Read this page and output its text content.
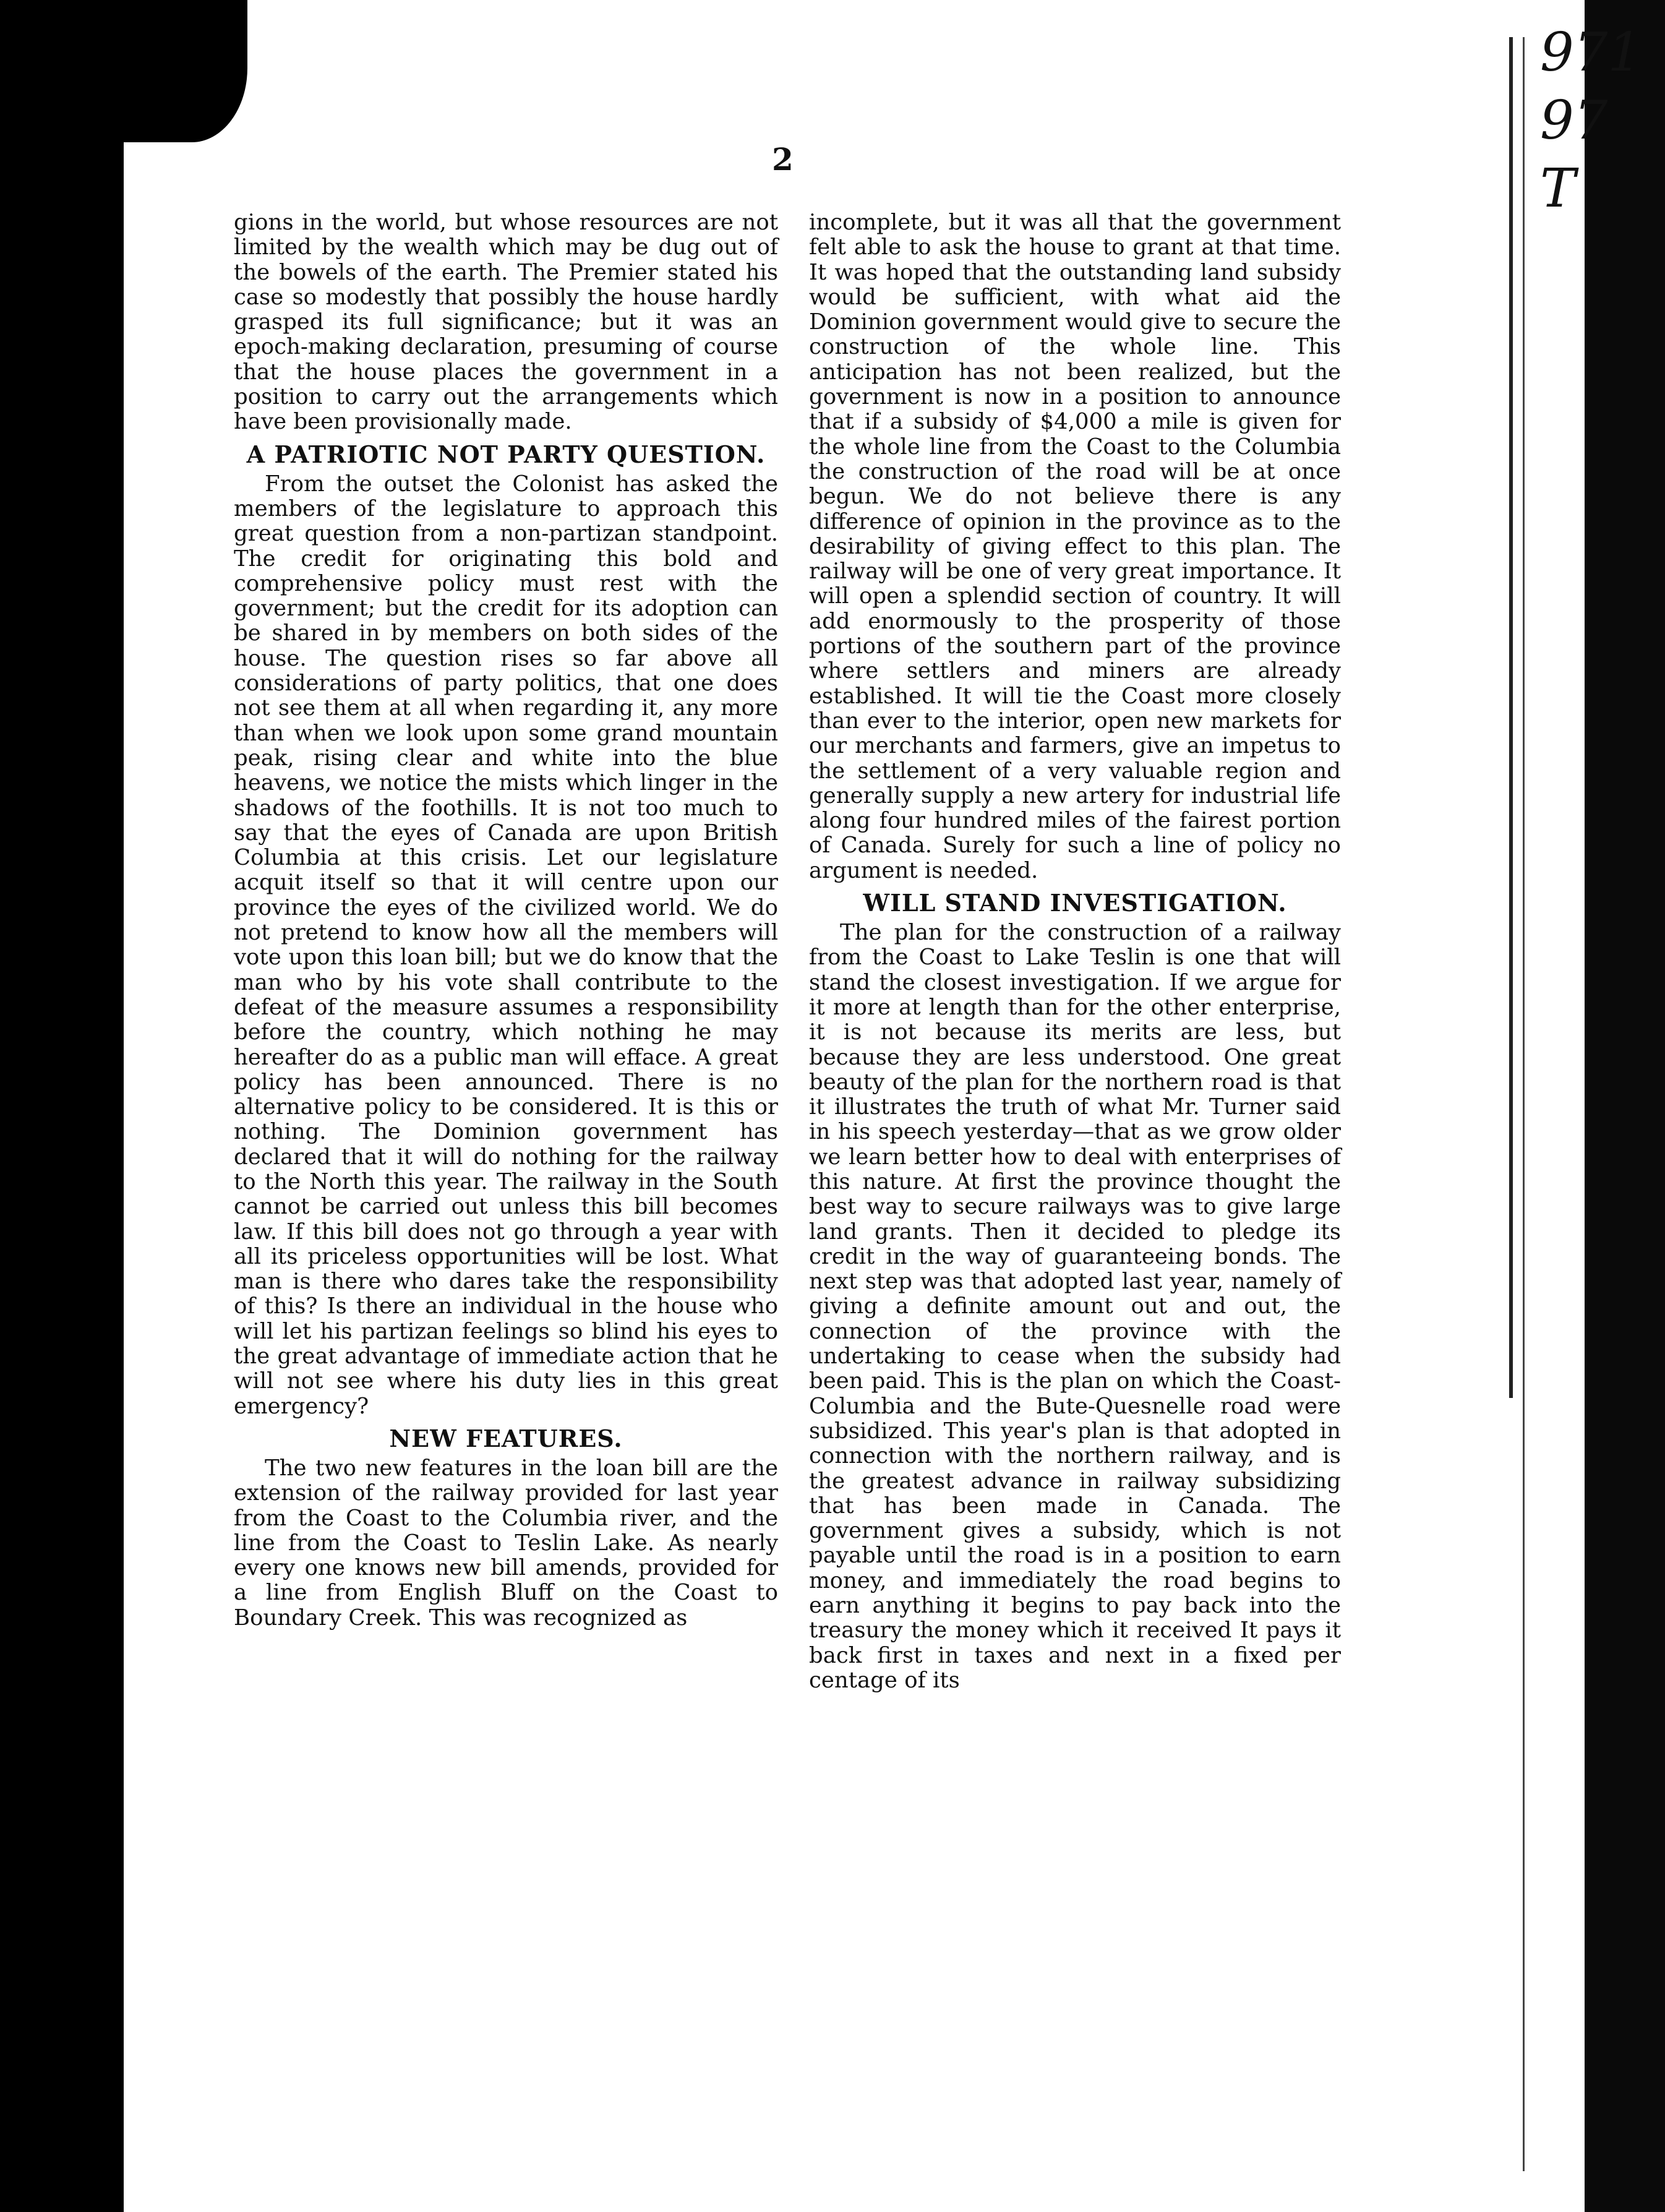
971
97
T
2

gions in the world, but whose resources are not limited by the wealth which may be dug out of the bowels of the earth. The Premier stated his case so modestly that possibly the house hardly grasped its full significance; but it was an epoch-making declaration, presuming of course that the house places the government in a position to carry out the arrangements which have been provisionally made.

A PATRIOTIC NOT PARTY QUESTION.

From the outset the Colonist has asked the members of the legislature to approach this great question from a non-partizan standpoint. The credit for originating this bold and comprehensive policy must rest with the government; but the credit for its adoption can be shared in by members on both sides of the house. The question rises so far above all considerations of party politics, that one does not see them at all when regarding it, any more than when we look upon some grand mountain peak, rising clear and white into the blue heavens, we notice the mists which linger in the shadows of the foothills. It is not too much to say that the eyes of Canada are upon British Columbia at this crisis. Let our legislature acquit itself so that it will centre upon our province the eyes of the civilized world. We do not pretend to know how all the members will vote upon this loan bill; but we do know that the man who by his vote shall contribute to the defeat of the measure assumes a responsibility before the country, which nothing he may hereafter do as a public man will efface. A great policy has been announced. There is no alternative policy to be considered. It is this or nothing. The Dominion government has declared that it will do nothing for the railway to the North this year. The railway in the South cannot be carried out unless this bill becomes law. If this bill does not go through a year with all its priceless opportunities will be lost. What man is there who dares take the responsibility of this? Is there an individual in the house who will let his partizan feelings so blind his eyes to the great advantage of immediate action that he will not see where his duty lies in this great emergency?

NEW FEATURES.

The two new features in the loan bill are the extension of the railway provided for last year from the Coast to the Columbia river, and the line from the Coast to Teslin Lake. As nearly every one knows new bill amends, provided for a line from English Bluff on the Coast to Boundary Creek. This was recognized as

incomplete, but it was all that the government felt able to ask the house to grant at that time. It was hoped that the outstanding land subsidy would be sufficient, with what aid the Dominion government would give to secure the construction of the whole line. This anticipation has not been realized, but the government is now in a position to announce that if a subsidy of $4,000 a mile is given for the whole line from the Coast to the Columbia the construction of the road will be at once begun. We do not believe there is any difference of opinion in the province as to the desirability of giving effect to this plan. The railway will be one of very great importance. It will open a splendid section of country. It will add enormously to the prosperity of those portions of the southern part of the province where settlers and miners are already established. It will tie the Coast more closely than ever to the interior, open new markets for our merchants and farmers, give an impetus to the settlement of a very valuable region and generally supply a new artery for industrial life along four hundred miles of the fairest portion of Canada. Surely for such a line of policy no argument is needed.

WILL STAND INVESTIGATION.

The plan for the construction of a railway from the Coast to Lake Teslin is one that will stand the closest investigation. If we argue for it more at length than for the other enterprise, it is not because its merits are less, but because they are less understood. One great beauty of the plan for the northern road is that it illustrates the truth of what Mr. Turner said in his speech yesterday—that as we grow older we learn better how to deal with enterprises of this nature. At first the province thought the best way to secure railways was to give large land grants. Then it decided to pledge its credit in the way of guaranteeing bonds. The next step was that adopted last year, namely of giving a definite amount out and out, the connection of the province with the undertaking to cease when the subsidy had been paid. This is the plan on which the Coast-Columbia and the Bute-Quesnelle road were subsidized. This year's plan is that adopted in connection with the northern railway, and is the greatest advance in railway subsidizing that has been made in Canada. The government gives a subsidy, which is not payable until the road is in a position to earn money, and immediately the road begins to earn anything it begins to pay back into the treasury the money which it received It pays it back first in taxes and next in a fixed per centage of its
